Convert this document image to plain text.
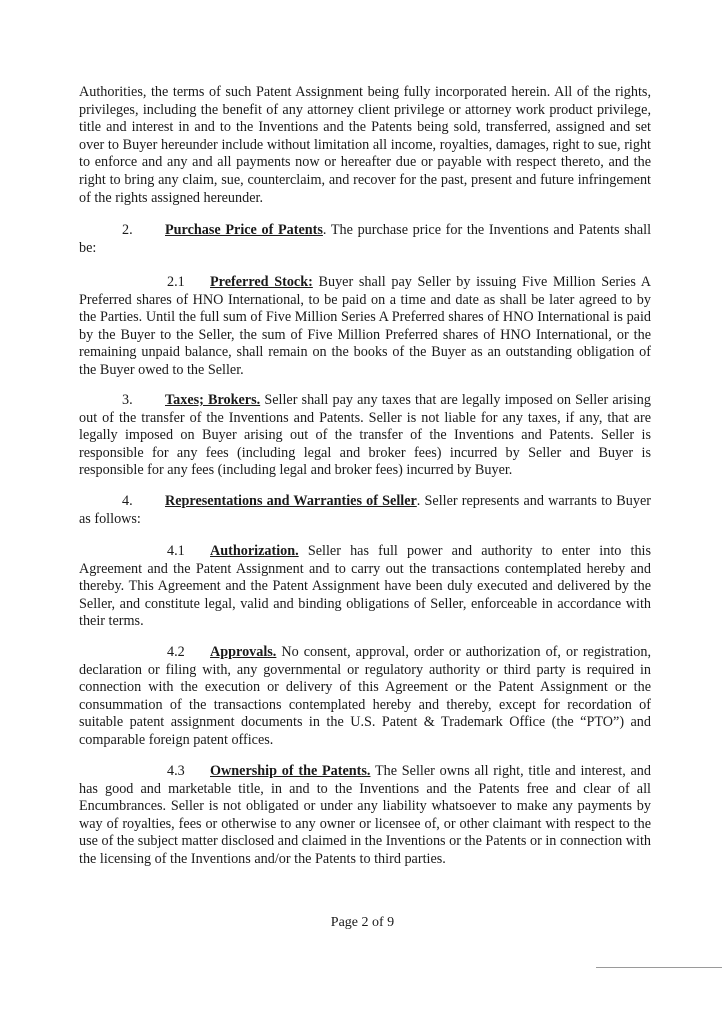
Authorities, the terms of such Patent Assignment being fully incorporated herein. All of the rights, privileges, including the benefit of any attorney client privilege or attorney work product privilege, title and interest in and to the Inventions and the Patents being sold, transferred, assigned and set over to Buyer hereunder include without limitation all income, royalties, damages, right to sue, right to enforce and any and all payments now or hereafter due or payable with respect thereto, and the right to bring any claim, sue, counterclaim, and recover for the past, present and future infringement of the rights assigned hereunder.

2. Purchase Price of Patents. The purchase price for the Inventions and Patents shall be:

2.1 Preferred Stock: Buyer shall pay Seller by issuing Five Million Series A Preferred shares of HNO International, to be paid on a time and date as shall be later agreed to by the Parties. Until the full sum of Five Million Series A Preferred shares of HNO International is paid by the Buyer to the Seller, the sum of Five Million Preferred shares of HNO International, or the remaining unpaid balance, shall remain on the books of the Buyer as an outstanding obligation of the Buyer owed to the Seller.

3. Taxes; Brokers. Seller shall pay any taxes that are legally imposed on Seller arising out of the transfer of the Inventions and Patents. Seller is not liable for any taxes, if any, that are legally imposed on Buyer arising out of the transfer of the Inventions and Patents. Seller is responsible for any fees (including legal and broker fees) incurred by Seller and Buyer is responsible for any fees (including legal and broker fees) incurred by Buyer.

4. Representations and Warranties of Seller. Seller represents and warrants to Buyer as follows:

4.1 Authorization. Seller has full power and authority to enter into this Agreement and the Patent Assignment and to carry out the transactions contemplated hereby and thereby. This Agreement and the Patent Assignment have been duly executed and delivered by the Seller, and constitute legal, valid and binding obligations of Seller, enforceable in accordance with their terms.

4.2 Approvals. No consent, approval, order or authorization of, or registration, declaration or filing with, any governmental or regulatory authority or third party is required in connection with the execution or delivery of this Agreement or the Patent Assignment or the consummation of the transactions contemplated hereby and thereby, except for recordation of suitable patent assignment documents in the U.S. Patent & Trademark Office (the “PTO”) and comparable foreign patent offices.

4.3 Ownership of the Patents. The Seller owns all right, title and interest, and has good and marketable title, in and to the Inventions and the Patents free and clear of all Encumbrances. Seller is not obligated or under any liability whatsoever to make any payments by way of royalties, fees or otherwise to any owner or licensee of, or other claimant with respect to the use of the subject matter disclosed and claimed in the Inventions or the Patents or in connection with the licensing of the Inventions and/or the Patents to third parties.

Page 2 of 9
